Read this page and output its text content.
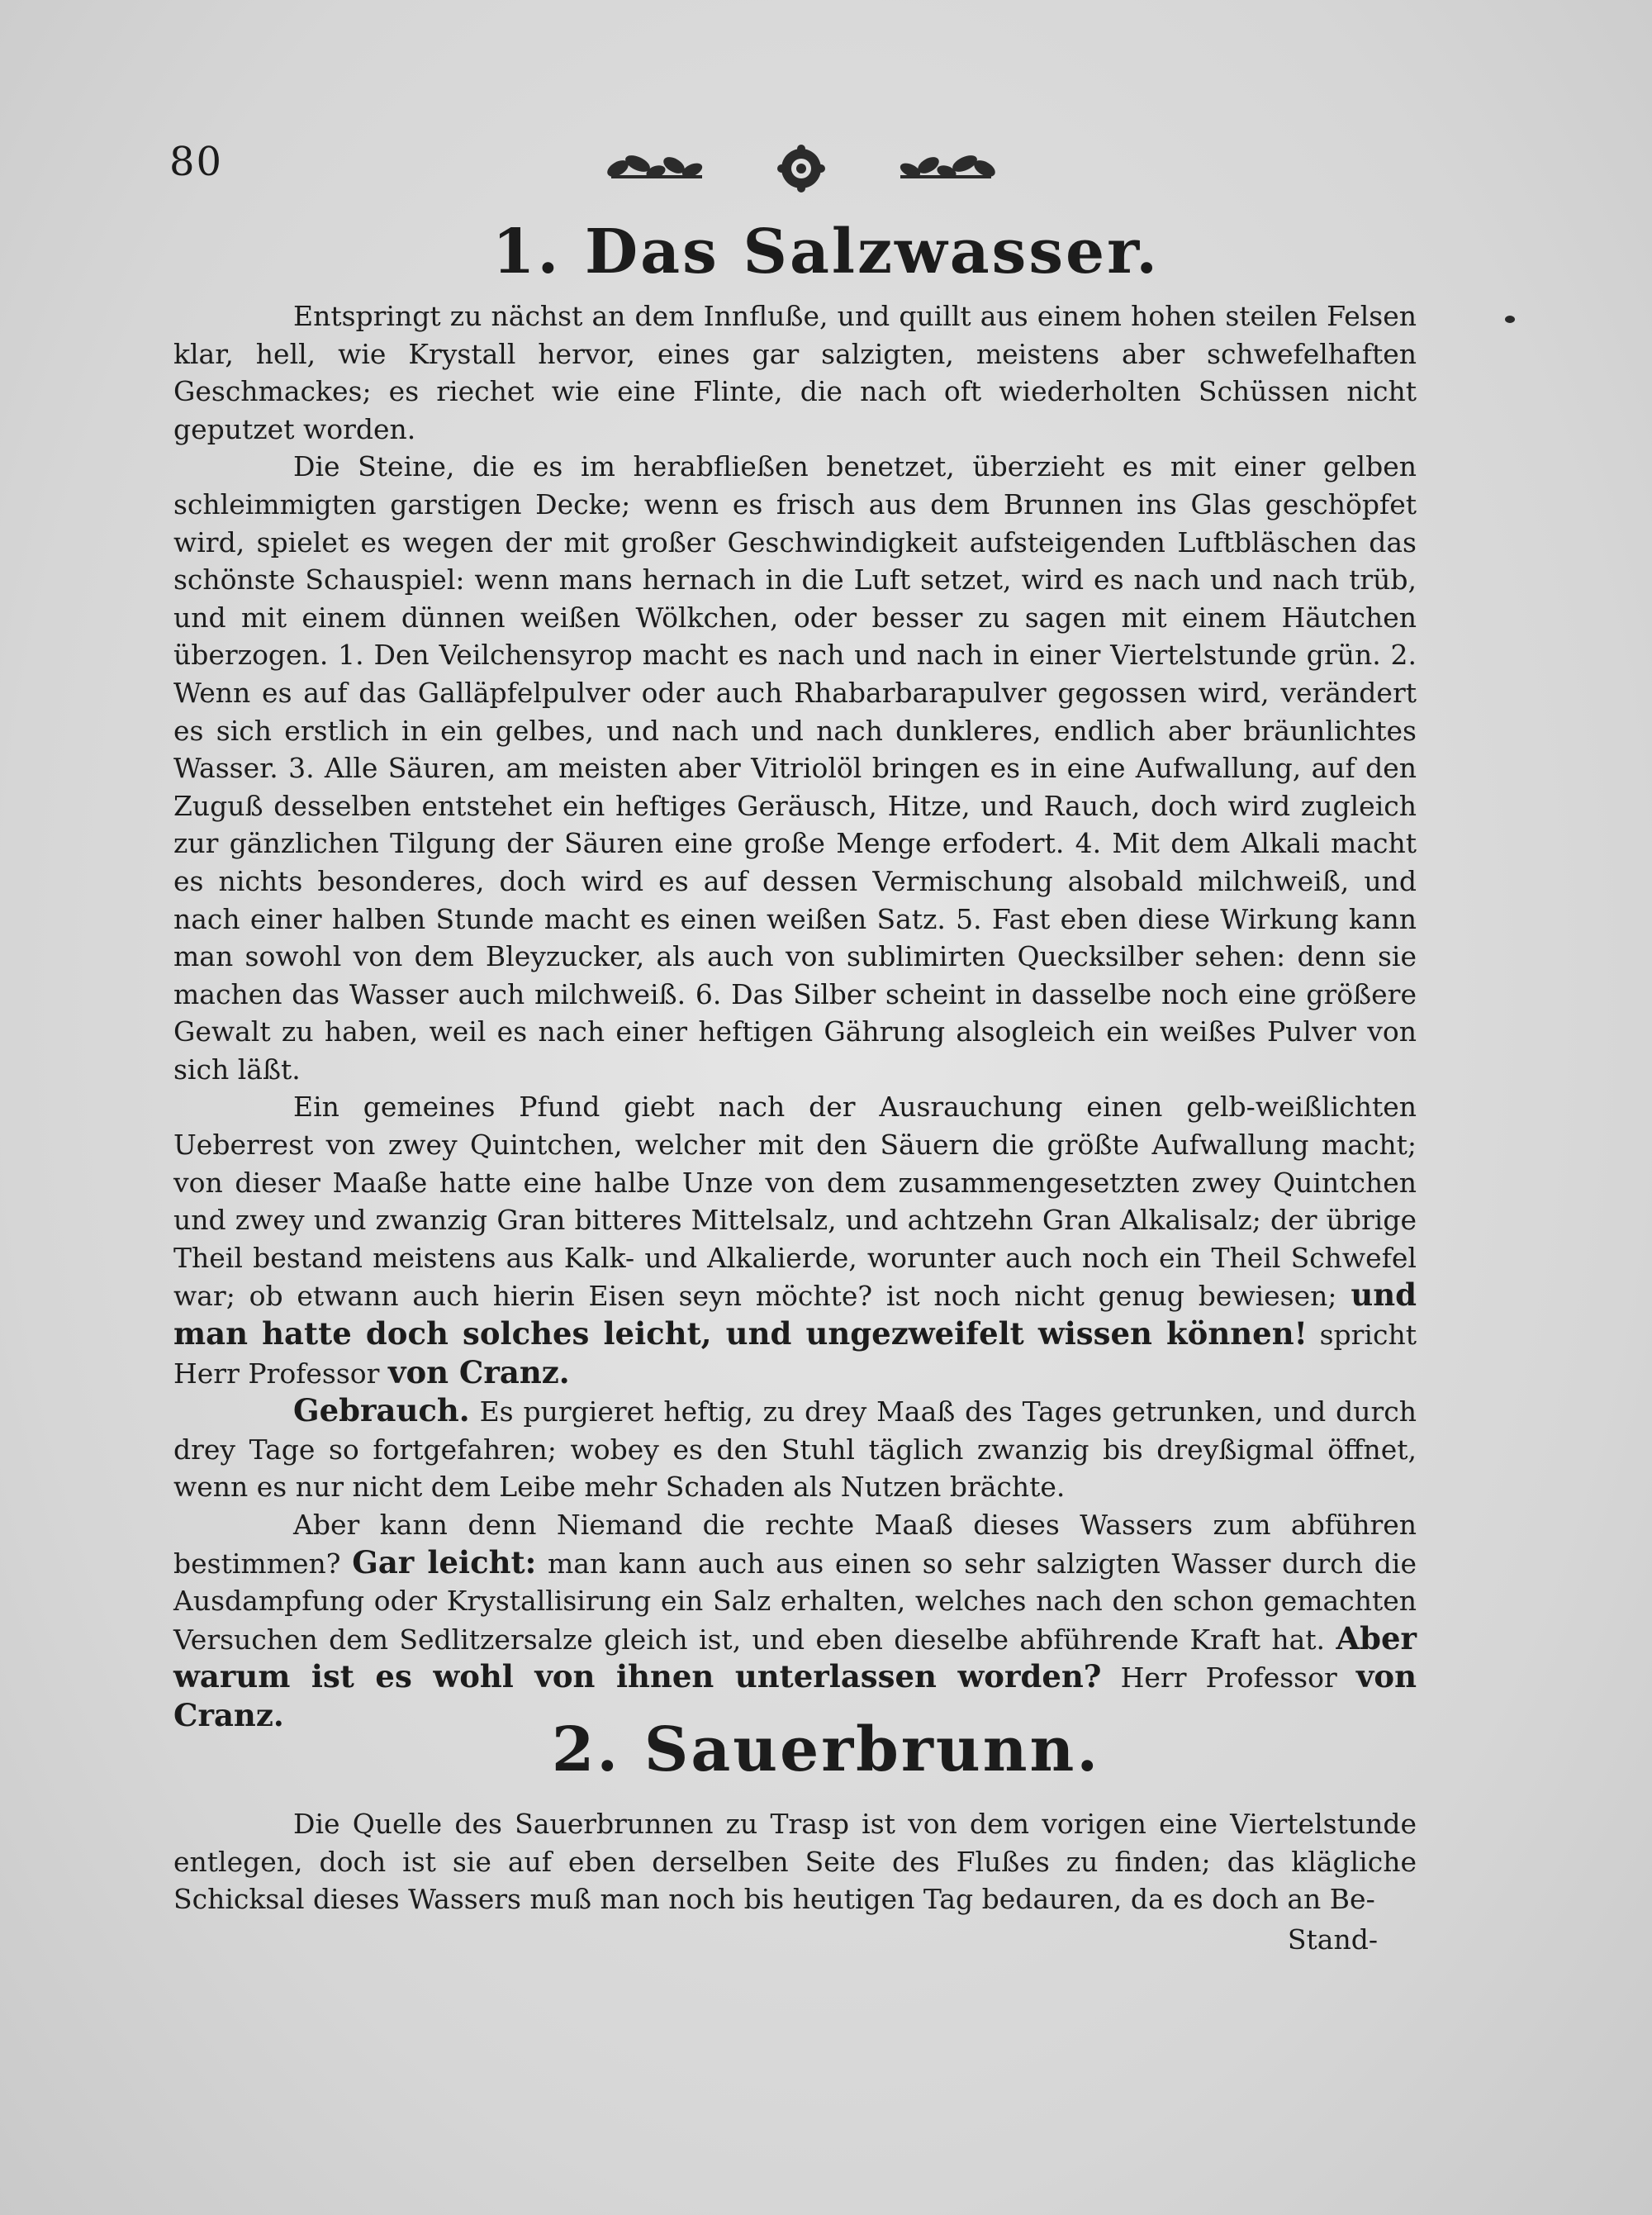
80
1. Das Salzwasser.

Entspringt zu nächst an dem Innfluße, und quillt aus einem hohen steilen Felsen klar, hell, wie Krystall hervor, eines gar salzigten, meistens aber schwefelhaften Geschmackes; es riechet wie eine Flinte, die nach oft wiederholten Schüssen nicht geputzet worden.

Die Steine, die es im herabfließen benetzet, überzieht es mit einer gelben schleimmigten garstigen Decke; wenn es frisch aus dem Brunnen ins Glas geschöpfet wird, spielet es wegen der mit großer Geschwindigkeit aufsteigenden Luftbläschen das schönste Schauspiel: wenn mans hernach in die Luft setzet, wird es nach und nach trüb, und mit einem dünnen weißen Wölkchen, oder besser zu sagen mit einem Häutchen überzogen. 1. Den Veilchensyrop macht es nach und nach in einer Viertelstunde grün. 2. Wenn es auf das Galläpfelpulver oder auch Rhabarbarapulver gegossen wird, verändert es sich erstlich in ein gelbes, und nach und nach dunkleres, endlich aber bräunlichtes Wasser. 3. Alle Säuren, am meisten aber Vitriolöl bringen es in eine Aufwallung, auf den Zuguß desselben entstehet ein heftiges Geräusch, Hitze, und Rauch, doch wird zugleich zur gänzlichen Tilgung der Säuren eine große Menge erfodert. 4. Mit dem Alkali macht es nichts besonderes, doch wird es auf dessen Vermischung alsobald milchweiß, und nach einer halben Stunde macht es einen weißen Satz. 5. Fast eben diese Wirkung kann man sowohl von dem Bleyzucker, als auch von sublimirten Quecksilber sehen: denn sie machen das Wasser auch milchweiß. 6. Das Silber scheint in dasselbe noch eine größere Gewalt zu haben, weil es nach einer heftigen Gährung alsogleich ein weißes Pulver von sich läßt.

Ein gemeines Pfund giebt nach der Ausrauchung einen gelb-weißlichten Ueberrest von zwey Quintchen, welcher mit den Säuern die größte Aufwallung macht; von dieser Maaße hatte eine halbe Unze von dem zusammengesetzten zwey Quintchen und zwey und zwanzig Gran bitteres Mittelsalz, und achtzehn Gran Alkalisalz; der übrige Theil bestand meistens aus Kalk- und Alkalierde, worunter auch noch ein Theil Schwefel war; ob etwann auch hierin Eisen seyn möchte? ist noch nicht genug bewiesen; und man hatte doch solches leicht, und ungezweifelt wissen können! spricht Herr Professor von Cranz.

Gebrauch. Es purgieret heftig, zu drey Maaß des Tages getrunken, und durch drey Tage so fortgefahren; wobey es den Stuhl täglich zwanzig bis dreyßigmal öffnet, wenn es nur nicht dem Leibe mehr Schaden als Nutzen brächte.

Aber kann denn Niemand die rechte Maaß dieses Wassers zum abführen bestimmen? Gar leicht: man kann auch aus einen so sehr salzigten Wasser durch die Ausdampfung oder Krystallisirung ein Salz erhalten, welches nach den schon gemachten Versuchen dem Sedlitzersalze gleich ist, und eben dieselbe abführende Kraft hat. Aber warum ist es wohl von ihnen unterlassen worden? Herr Professor von Cranz.	2. Sauerbrunn.

Die Quelle des Sauerbrunnen zu Trasp ist von dem vorigen eine Viertelstunde entlegen, doch ist sie auf eben derselben Seite des Flußes zu finden; das klägliche Schicksal dieses Wassers muß man noch bis heutigen Tag bedauren, da es doch an Be-

Stand-
